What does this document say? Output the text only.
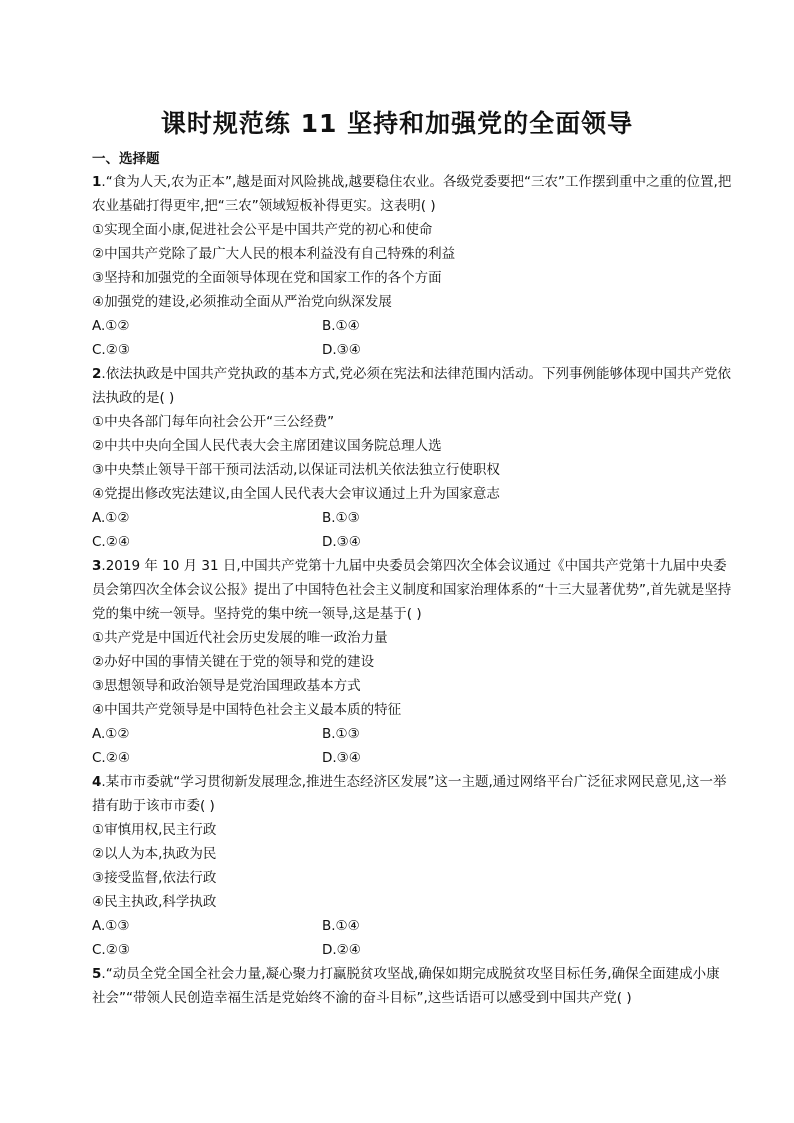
课时规范练 11 坚持和加强党的全面领导
一、选择题
1.“食为人天,农为正本”,越是面对风险挑战,越要稳住农业。各级党委要把“三农”工作摆到重中之重的位置,把农业基础打得更牢,把“三农”领域短板补得更实。这表明( )
①实现全面小康,促进社会公平是中国共产党的初心和使命
②中国共产党除了最广大人民的根本利益没有自己特殊的利益
③坚持和加强党的全面领导体现在党和国家工作的各个方面
④加强党的建设,必须推动全面从严治党向纵深发展
A.①②	B.①④
C.②③	D.③④
2.依法执政是中国共产党执政的基本方式,党必须在宪法和法律范围内活动。下列事例能够体现中国共产党依法执政的是( )
①中央各部门每年向社会公开“三公经费”
②中共中央向全国人民代表大会主席团建议国务院总理人选
③中央禁止领导干部干预司法活动,以保证司法机关依法独立行使职权
④党提出修改宪法建议,由全国人民代表大会审议通过上升为国家意志
A.①②	B.①③
C.②④	D.③④
3.2019 年 10 月 31 日,中国共产党第十九届中央委员会第四次全体会议通过《中国共产党第十九届中央委员会第四次全体会议公报》提出了中国特色社会主义制度和国家治理体系的“十三大显著优势”,首先就是坚持党的集中统一领导。坚持党的集中统一领导,这是基于( )
①共产党是中国近代社会历史发展的唯一政治力量
②办好中国的事情关键在于党的领导和党的建设
③思想领导和政治领导是党治国理政基本方式
④中国共产党领导是中国特色社会主义最本质的特征
A.①②	B.①③
C.②④	D.③④
4.某市市委就“学习贯彻新发展理念,推进生态经济区发展”这一主题,通过网络平台广泛征求网民意见,这一举措有助于该市市委( )
①审慎用权,民主行政
②以人为本,执政为民
③接受监督,依法行政
④民主执政,科学执政
A.①③	B.①④
C.②③	D.②④
5.“动员全党全国全社会力量,凝心聚力打赢脱贫攻坚战,确保如期完成脱贫攻坚目标任务,确保全面建成小康社会”“带领人民创造幸福生活是党始终不渝的奋斗目标”,这些话语可以感受到中国共产党( )
